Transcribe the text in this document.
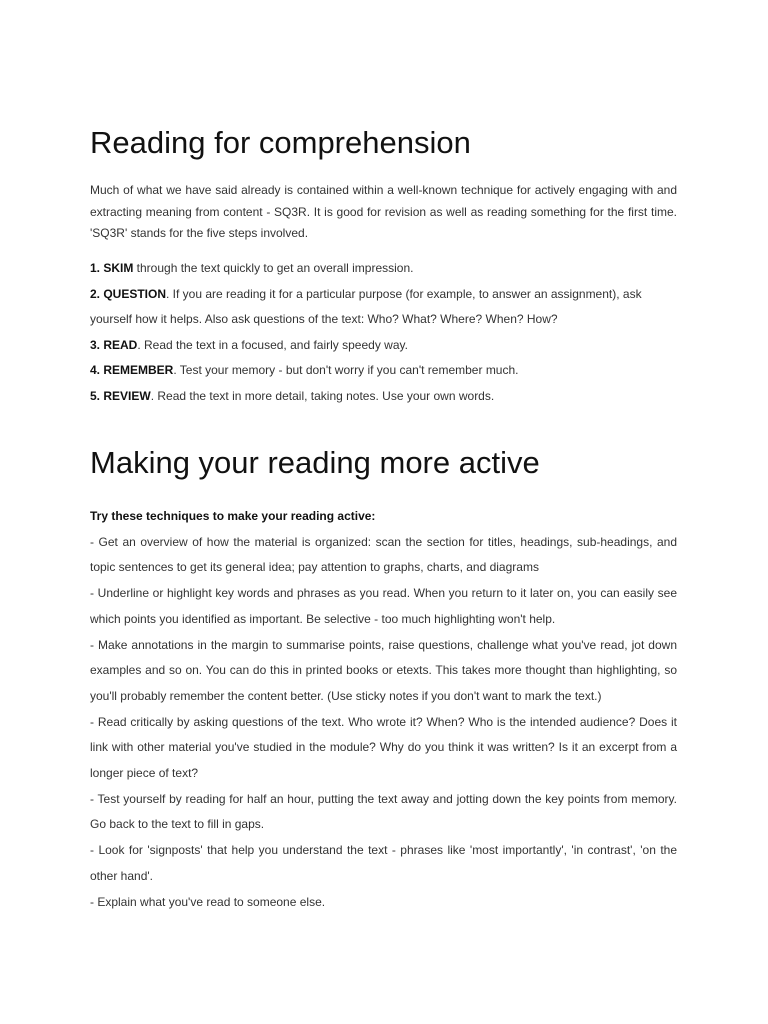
Reading for comprehension

Much of what we have said already is contained within a well-known technique for actively engaging with and extracting meaning from content - SQ3R. It is good for revision as well as reading something for the first time. 'SQ3R' stands for the five steps involved.

1. SKIM through the text quickly to get an overall impression.
2. QUESTION. If you are reading it for a particular purpose (for example, to answer an assignment), ask yourself how it helps. Also ask questions of the text: Who? What? Where? When? How?
3. READ. Read the text in a focused, and fairly speedy way.
4. REMEMBER. Test your memory - but don't worry if you can't remember much.
5. REVIEW. Read the text in more detail, taking notes. Use your own words.
Making your reading more active

Try these techniques to make your reading active:

- Get an overview of how the material is organized: scan the section for titles, headings, sub-headings, and topic sentences to get its general idea; pay attention to graphs, charts, and diagrams

- Underline or highlight key words and phrases as you read. When you return to it later on, you can easily see which points you identified as important. Be selective - too much highlighting won't help.

- Make annotations in the margin to summarise points, raise questions, challenge what you've read, jot down examples and so on. You can do this in printed books or etexts. This takes more thought than highlighting, so you'll probably remember the content better. (Use sticky notes if you don't want to mark the text.)

- Read critically by asking questions of the text. Who wrote it? When? Who is the intended audience? Does it link with other material you've studied in the module? Why do you think it was written? Is it an excerpt from a longer piece of text?

- Test yourself by reading for half an hour, putting the text away and jotting down the key points from memory. Go back to the text to fill in gaps.

- Look for 'signposts' that help you understand the text - phrases like 'most importantly', 'in contrast', 'on the other hand'.

- Explain what you've read to someone else.
